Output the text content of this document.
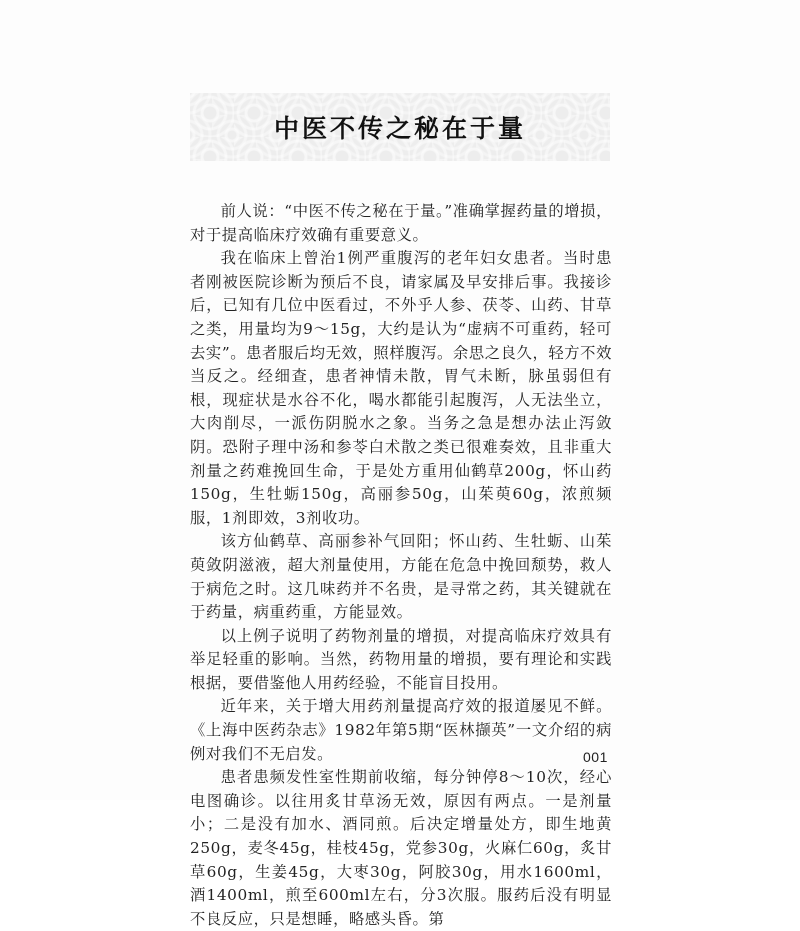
中医不传之秘在于量

前人说：“中医不传之秘在于量。”准确掌握药量的增损，对于提高临床疗效确有重要意义。

我在临床上曾治1例严重腹泻的老年妇女患者。当时患者刚被医院诊断为预后不良，请家属及早安排后事。我接诊后，已知有几位中医看过，不外乎人参、茯苓、山药、甘草之类，用量均为9～15g，大约是认为“虚病不可重药，轻可去实”。患者服后均无效，照样腹泻。余思之良久，轻方不效当反之。经细查，患者神情未散，胃气未断，脉虽弱但有根，现症状是水谷不化，喝水都能引起腹泻，人无法坐立，大肉削尽，一派伤阴脱水之象。当务之急是想办法止泻敛阴。恐附子理中汤和参苓白术散之类已很难奏效，且非重大剂量之药难挽回生命，于是处方重用仙鹤草200g，怀山药150g，生牡蛎150g，高丽参50g，山茱萸60g，浓煎频服，1剂即效，3剂收功。

该方仙鹤草、高丽参补气回阳；怀山药、生牡蛎、山茱萸敛阴滋液，超大剂量使用，方能在危急中挽回颓势，救人于病危之时。这几味药并不名贵，是寻常之药，其关键就在于药量，病重药重，方能显效。

以上例子说明了药物剂量的增损，对提高临床疗效具有举足轻重的影响。当然，药物用量的增损，要有理论和实践根据，要借鉴他人用药经验，不能盲目投用。

近年来，关于增大用药剂量提高疗效的报道屡见不鲜。《上海中医药杂志》1982年第5期“医林撷英”一文介绍的病例对我们不无启发。

患者患频发性室性期前收缩，每分钟停8～10次，经心电图确诊。以往用炙甘草汤无效，原因有两点。一是剂量小；二是没有加水、酒同煎。后决定增量处方，即生地黄250g，麦冬45g，桂枝45g，党参30g，火麻仁60g，炙甘草60g，生姜45g，大枣30g，阿胶30g，用水1600ml，酒1400ml，煎至600ml左右，分3次服。服药后没有明显不良反应，只是想睡，略感头昏。第

001
